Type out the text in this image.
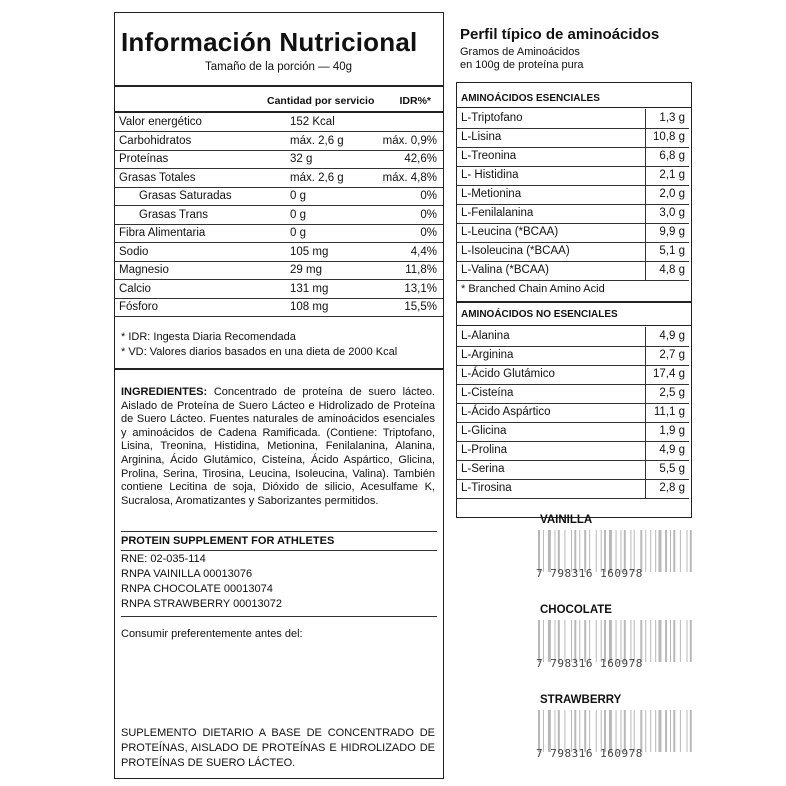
Información Nutricional
Tamaño de la porción — 40g
Cantidad por servicio IDR%*
Valor energético	152 Kcal
Carbohidratos	máx. 2,6 g	máx. 0,9%
Proteínas	32 g	42,6%
Grasas Totales	máx. 2,6 g	máx. 4,8%
Grasas Saturadas	0 g	0%
Grasas Trans	0 g	0%
Fibra Alimentaria	0 g	0%
Sodio	105 mg	4,4%
Magnesio	29 mg	11,8%
Calcio	131 mg	13,1%
Fósforo	108 mg	15,5%
* IDR: Ingesta Diaria Recomendada
* VD: Valores diarios basados en una dieta de 2000 Kcal
INGREDIENTES: Concentrado de proteína de suero lácteo. Aislado de Proteína de Suero Lácteo e Hidrolizado de Proteína de Suero Lácteo. Fuentes naturales de aminoácidos esenciales y aminoácidos de Cadena Ramificada. (Contiene: Triptofano, Lisina, Treonina, Histidina, Metionina, Fenilalanina, Alanina, Arginina, Ácido Glutámico, Cisteína, Ácido Aspártico, Glicina, Prolina, Serina, Tirosina, Leucina, Isoleucina, Valina). También contiene Lecitina de soja, Dióxido de silicio, Acesulfame K, Sucralosa, Aromatizantes y Saborizantes permitidos.
PROTEIN SUPPLEMENT FOR ATHLETES
RNE: 02-035-114
RNPA VAINILLA 00013076
RNPA CHOCOLATE 00013074
RNPA STRAWBERRY 00013072
Consumir preferentemente antes del:
SUPLEMENTO DIETARIO A BASE DE CONCENTRADO DE PROTEÍNAS, AISLADO DE PROTEÍNAS E HIDROLIZADO DE PROTEÍNAS DE SUERO LÁCTEO.
Perfil típico de aminoácidos
Gramos de Aminoácidos
en 100g de proteína pura
AMINOÁCIDOS ESENCIALES
L-Triptofano	1,3 g
L-Lisina	10,8 g
L-Treonina	6,8 g
L- Histidina	2,1 g
L-Metionina	2,0 g
L-Fenilalanina	3,0 g
L-Leucina (*BCAA)	9,9 g
L-Isoleucina (*BCAA)	5,1 g
L-Valina (*BCAA)	4,8 g
* Branched Chain Amino Acid
AMINOÁCIDOS NO ESENCIALES
L-Alanina	4,9 g
L-Arginina	2,7 g
L-Ácido Glutámico	17,4 g
L-Cisteína	2,5 g
L-Ácido Aspártico	11,1 g
L-Glicina	1,9 g
L-Prolina	4,9 g
L-Serina	5,5 g
L-Tirosina	2,8 g
VAINILLA
7 798316 160978
CHOCOLATE
7 798316 160978
STRAWBERRY
7 798316 160978
